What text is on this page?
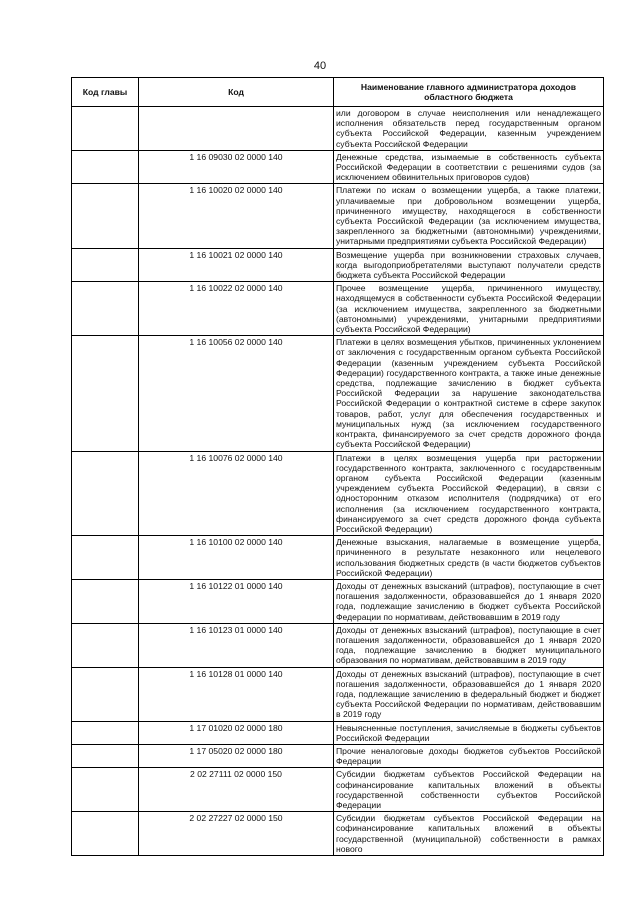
40
Код главы	Код	Наименование главного администратора доходов областного бюджета
		или договором в случае неисполнения или ненадлежащего исполнения обязательств перед государственным органом субъекта Российской Федерации, казенным учреждением субъекта Российской Федерации
	1 16 09030 02 0000 140	Денежные средства, изымаемые в собственность субъекта Российской Федерации в соответствии с решениями судов (за исключением обвинительных приговоров судов)
	1 16 10020 02 0000 140	Платежи по искам о возмещении ущерба, а также платежи, уплачиваемые при добровольном возмещении ущерба, причиненного имуществу, находящегося в собственности субъекта Российской Федерации (за исключением имущества, закрепленного за бюджетными (автономными) учреждениями, унитарными предприятиями субъекта Российской Федерации)
	1 16 10021 02 0000 140	Возмещение ущерба при возникновении страховых случаев, когда выгодоприобретателями выступают получатели средств бюджета субъекта Российской Федерации
	1 16 10022 02 0000 140	Прочее возмещение ущерба, причиненного имуществу, находящемуся в собственности субъекта Российской Федерации (за исключением имущества, закрепленного за бюджетными (автономными) учреждениями, унитарными предприятиями субъекта Российской Федерации)
	1 16 10056 02 0000 140	Платежи в целях возмещения убытков, причиненных уклонением от заключения с государственным органом субъекта Российской Федерации (казенным учреждением субъекта Российской Федерации) государственного контракта, а также иные денежные средства, подлежащие зачислению в бюджет субъекта Российской Федерации за нарушение законодательства Российской Федерации о контрактной системе в сфере закупок товаров, работ, услуг для обеспечения государственных и муниципальных нужд (за исключением государственного контракта, финансируемого за счет средств дорожного фонда субъекта Российской Федерации)
	1 16 10076 02 0000 140	Платежи в целях возмещения ущерба при расторжении государственного контракта, заключенного с государственным органом субъекта Российской Федерации (казенным учреждением субъекта Российской Федерации), в связи с односторонним отказом исполнителя (подрядчика) от его исполнения (за исключением государственного контракта, финансируемого за счет средств дорожного фонда субъекта Российской Федерации)
	1 16 10100 02 0000 140	Денежные взыскания, налагаемые в возмещение ущерба, причиненного в результате незаконного или нецелевого использования бюджетных средств (в части бюджетов субъектов Российской Федерации)
	1 16 10122 01 0000 140	Доходы от денежных взысканий (штрафов), поступающие в счет погашения задолженности, образовавшейся до 1 января 2020 года, подлежащие зачислению в бюджет субъекта Российской Федерации по нормативам, действовавшим в 2019 году
	1 16 10123 01 0000 140	Доходы от денежных взысканий (штрафов), поступающие в счет погашения задолженности, образовавшейся до 1 января 2020 года, подлежащие зачислению в бюджет муниципального образования по нормативам, действовавшим в 2019 году
	1 16 10128 01 0000 140	Доходы от денежных взысканий (штрафов), поступающие в счет погашения задолженности, образовавшейся до 1 января 2020 года, подлежащие зачислению в федеральный бюджет и бюджет субъекта Российской Федерации по нормативам, действовавшим в 2019 году
	1 17 01020 02 0000 180	Невыясненные поступления, зачисляемые в бюджеты субъектов Российской Федерации
	1 17 05020 02 0000 180	Прочие неналоговые доходы бюджетов субъектов Российской Федерации
	2 02 27111 02 0000 150	Субсидии бюджетам субъектов Российской Федерации на софинансирование капитальных вложений в объекты государственной собственности субъектов Российской Федерации
	2 02 27227 02 0000 150	Субсидии бюджетам субъектов Российской Федерации на софинансирование капитальных вложений в объекты государственной (муниципальной) собственности в рамках нового
